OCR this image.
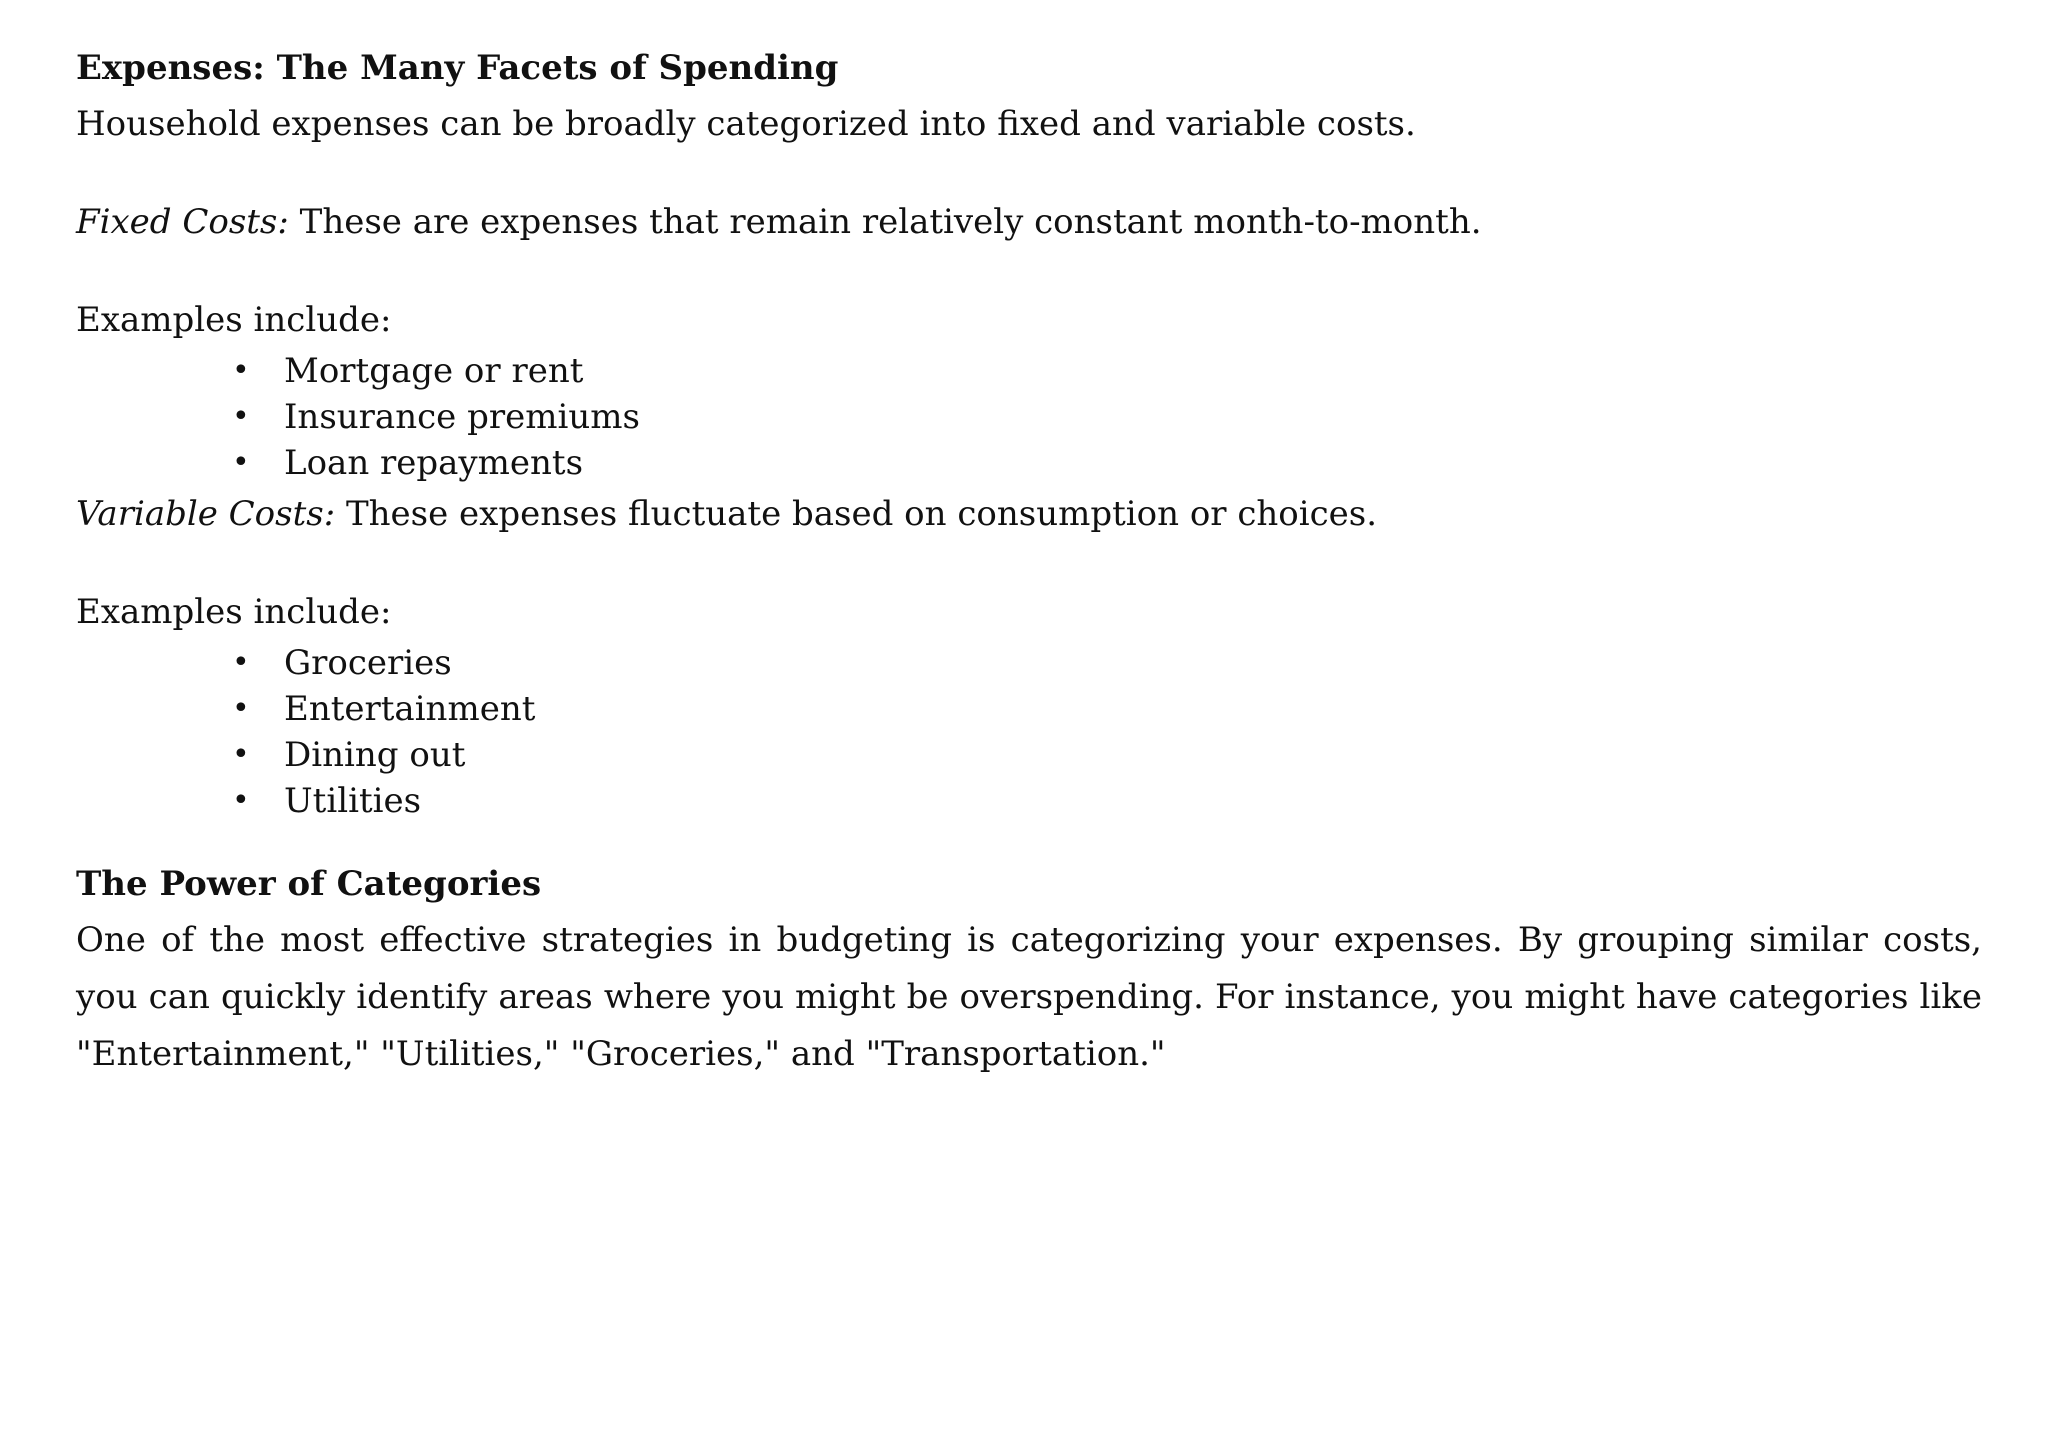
Expenses: The Many Facets of Spending

Household expenses can be broadly categorized into fixed and variable costs.

Fixed Costs: These are expenses that remain relatively constant month-to-month.

Examples include:

• Mortgage or rent
• Insurance premiums
• Loan repayments

Variable Costs: These expenses fluctuate based on consumption or choices.

Examples include:

• Groceries
• Entertainment
• Dining out
• Utilities

The Power of Categories

One of the most effective strategies in budgeting is categorizing your expenses. By grouping similar costs, you can quickly identify areas where you might be overspending. For instance, you might have categories like "Entertainment," "Utilities," "Groceries," and "Transportation."
